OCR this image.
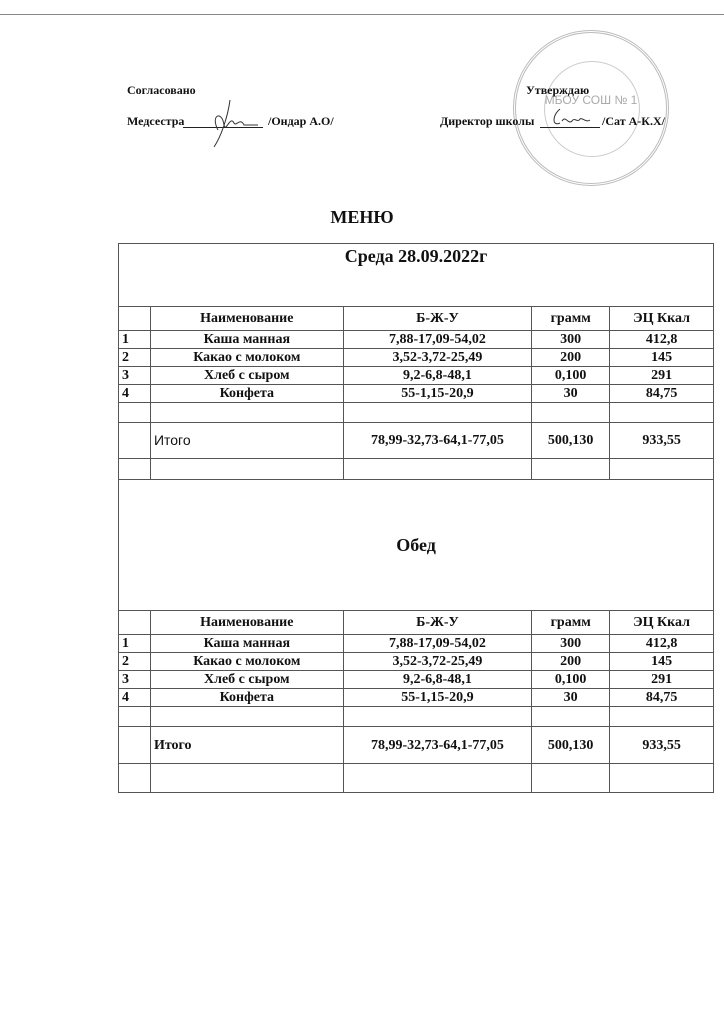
МБОУ СОШ № 1
Согласовано
Медсестра	/Ондар А.О/
Утверждаю
Директор школы	/Сат А-К.Х/
МЕНЮ
Среда 28.09.2022г				
	Наименование	Б-Ж-У	грамм	ЭЦ Ккал
1	Каша манная	7,88-17,09-54,02	300	412,8
2	Какао с молоком	3,52-3,72-25,49	200	145
3	Хлеб с сыром	9,2-6,8-48,1	0,100	291
4	Конфета	55-1,15-20,9	30	84,75

	Итого	78,99-32,73-64,1-77,05	500,130	933,55

Обед				
	Наименование	Б-Ж-У	грамм	ЭЦ Ккал
1	Каша манная	7,88-17,09-54,02	300	412,8
2	Какао с молоком	3,52-3,72-25,49	200	145
3	Хлеб с сыром	9,2-6,8-48,1	0,100	291
4	Конфета	55-1,15-20,9	30	84,75

	Итого	78,99-32,73-64,1-77,05	500,130	933,55
